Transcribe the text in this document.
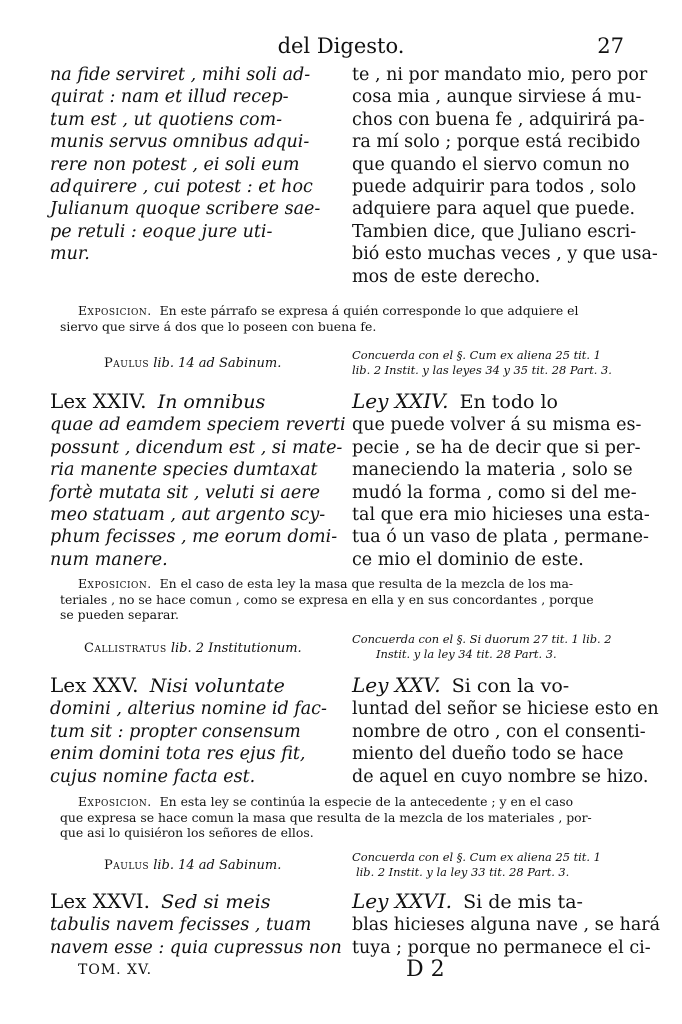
del Digesto.	27

na fide serviret , mihi soli ad-

quirat : nam et illud recep-

tum est , ut quotiens com-

munis servus omnibus adqui-

rere non potest , ei soli eum

adquirere , cui potest : et hoc

Julianum quoque scribere sae-

pe retuli : eoque jure uti-

mur.

te , ni por mandato mio, pero por

cosa mia , aunque sirviese á mu-

chos con buena fe , adquirirá pa-

ra mí solo ; porque está recibido

que quando el siervo comun no

puede adquirir para todos , solo

adquiere para aquel que puede.

Tambien dice, que Juliano escri-

bió esto muchas veces , y que usa-

mos de este derecho.

Exposicion. En este párrafo se expresa á quién corresponde lo que adquiere el

siervo que sirve á dos que lo poseen con buena fe.

Paulus lib. 14 ad Sabinum.

Concuerda con el §. Cum ex aliena 25 tit. 1

lib. 2 Instit. y las leyes 34 y 35 tit. 28 Part. 3.

Lex XXIV. In omnibus

quae ad eamdem speciem reverti

possunt , dicendum est , si mate-

ria manente species dumtaxat

fortè mutata sit , veluti si aere

meo statuam , aut argento scy-

phum fecisses , me eorum domi-

num manere.

Ley XXIV. En todo lo

que puede volver á su misma es-

pecie , se ha de decir que si per-

maneciendo la materia , solo se

mudó la forma , como si del me-

tal que era mio hicieses una esta-

tua ó un vaso de plata , permane-

ce mio el dominio de este.

Exposicion. En el caso de esta ley la masa que resulta de la mezcla de los ma-

teriales , no se hace comun , como se expresa en ella y en sus concordantes , porque

se pueden separar.

Callistratus lib. 2 Institutionum.

Concuerda con el §. Si duorum 27 tit. 1 lib. 2

Instit. y la ley 34 tit. 28 Part. 3.

Lex XXV. Nisi voluntate

domini , alterius nomine id fac-

tum sit : propter consensum

enim domini tota res ejus fit,

cujus nomine facta est.

Ley XXV. Si con la vo-

luntad del señor se hiciese esto en

nombre de otro , con el consenti-

miento del dueño todo se hace

de aquel en cuyo nombre se hizo.

Exposicion. En esta ley se continúa la especie de la antecedente ; y en el caso

que expresa se hace comun la masa que resulta de la mezcla de los materiales , por-

que asi lo quisiéron los señores de ellos.

Paulus lib. 14 ad Sabinum.

Concuerda con el §. Cum ex aliena 25 tit. 1

lib. 2 Instit. y la ley 33 tit. 28 Part. 3.

Lex XXVI. Sed si meis

tabulis navem fecisses , tuam

navem esse : quia cupressus non

Ley XXVI. Si de mis ta-

blas hicieses alguna nave , se hará

tuya ; porque no permanece el ci-

TOM. XV.	D 2
